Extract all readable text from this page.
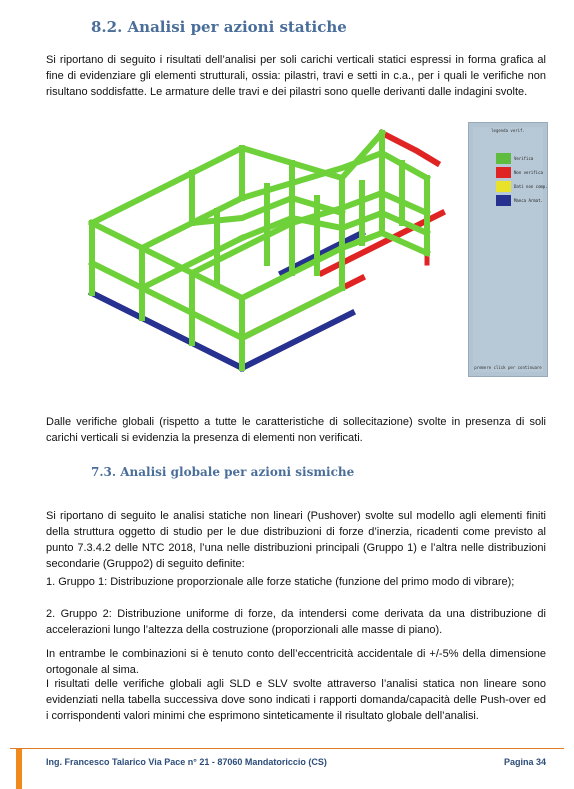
8.2. Analisi per azioni statiche

Si riportano di seguito i risultati dell’analisi per soli carichi verticali statici espressi in forma grafica al fine di evidenziare gli elementi strutturali, ossia: pilastri, travi e setti in c.a., per i quali le verifiche non risultano soddisfatte. Le armature delle travi e dei pilastri sono quelle derivanti dalle indagini svolte.

legenda verif.
Verifica
Non verifica
Dati non comp.
Manca Armat.
premere click per continuare

Dalle verifiche globali (rispetto a tutte le caratteristiche di sollecitazione) svolte in presenza di soli carichi verticali si evidenzia la presenza di elementi non verificati.

7.3. Analisi globale per azioni sismiche

Si riportano di seguito le analisi statiche non lineari (Pushover) svolte sul modello agli elementi finiti della struttura oggetto di studio per le due distribuzioni di forze d’inerzia, ricadenti come previsto al punto 7.3.4.2 delle NTC 2018, l’una nelle distribuzioni principali (Gruppo 1) e l’altra nelle distribuzioni secondarie (Gruppo2) di seguito definite:

1. Gruppo 1: Distribuzione proporzionale alle forze statiche (funzione del primo modo di vibrare);

2. Gruppo 2: Distribuzione uniforme di forze, da intendersi come derivata da una distribuzione di accelerazioni lungo l’altezza della costruzione (proporzionali alle masse di piano).

In entrambe le combinazioni si è tenuto conto dell’eccentricità accidentale di +/-5% della dimensione ortogonale al sima.

I risultati delle verifiche globali agli SLD e SLV svolte attraverso l’analisi statica non lineare sono evidenziati nella tabella successiva dove sono indicati i rapporti domanda/capacità delle Push-over ed i corrispondenti valori minimi che esprimono sinteticamente il risultato globale dell’analisi.

Ing. Francesco Talarico Via Pace n° 21 - 87060 Mandatoriccio (CS)	Pagina 34
